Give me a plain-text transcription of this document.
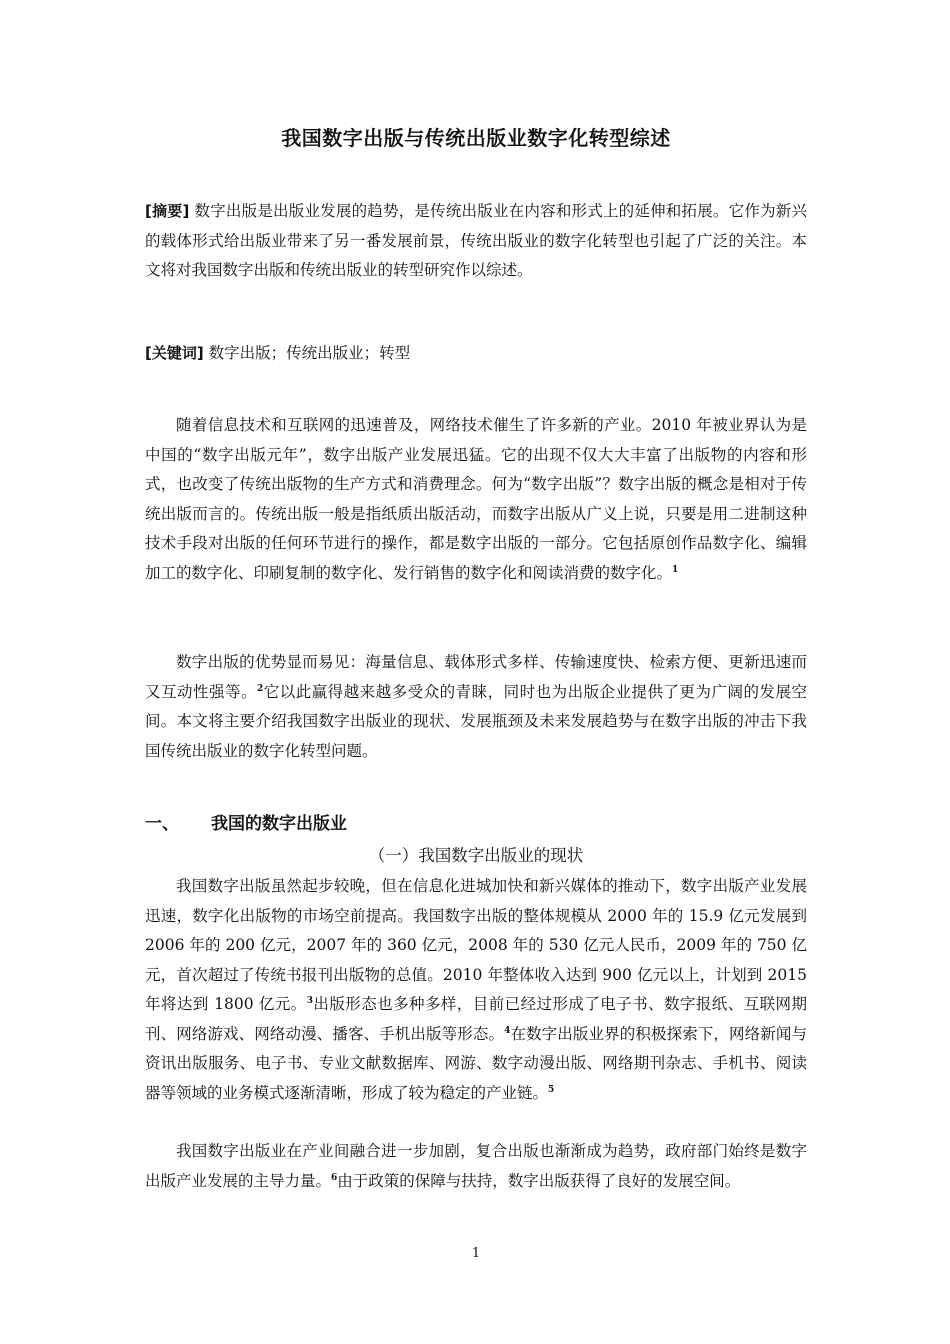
我国数字出版与传统出版业数字化转型综述
[摘要] 数字出版是出版业发展的趋势，是传统出版业在内容和形式上的延伸和拓展。它作为新兴的载体形式给出版业带来了另一番发展前景，传统出版业的数字化转型也引起了广泛的关注。本文将对我国数字出版和传统出版业的转型研究作以综述。
[关键词] 数字出版；传统出版业；转型
随着信息技术和互联网的迅速普及，网络技术催生了许多新的产业。2010 年被业界认为是中国的“数字出版元年”，数字出版产业发展迅猛。它的出现不仅大大丰富了出版物的内容和形式，也改变了传统出版物的生产方式和消费理念。何为“数字出版”？数字出版的概念是相对于传统出版而言的。传统出版一般是指纸质出版活动，而数字出版从广义上说，只要是用二进制这种技术手段对出版的任何环节进行的操作，都是数字出版的一部分。它包括原创作品数字化、编辑加工的数字化、印刷复制的数字化、发行销售的数字化和阅读消费的数字化。$^1$
数字出版的优势显而易见：海量信息、载体形式多样、传输速度快、检索方便、更新迅速而又互动性强等。$^2$它以此赢得越来越多受众的青睐，同时也为出版企业提供了更为广阔的发展空间。本文将主要介绍我国数字出版业的现状、发展瓶颈及未来发展趋势与在数字出版的冲击下我国传统出版业的数字化转型问题。
一、 我国的数字出版业
（一）我国数字出版业的现状
我国数字出版虽然起步较晚，但在信息化进城加快和新兴媒体的推动下，数字出版产业发展迅速，数字化出版物的市场空前提高。我国数字出版的整体规模从 2000 年的 15.9 亿元发展到 2006 年的 200 亿元，2007 年的 360 亿元，2008 年的 530 亿元人民币，2009 年的 750 亿元，首次超过了传统书报刊出版物的总值。2010 年整体收入达到 900 亿元以上，计划到 2015 年将达到 1800 亿元。$^3$出版形态也多种多样，目前已经过形成了电子书、数字报纸、互联网期刊、网络游戏、网络动漫、播客、手机出版等形态。$^4$在数字出版业界的积极探索下，网络新闻与资讯出版服务、电子书、专业文献数据库、网游、数字动漫出版、网络期刊杂志、手机书、阅读器等领域的业务模式逐渐清晰，形成了较为稳定的产业链。$^5$
我国数字出版业在产业间融合进一步加剧，复合出版也渐渐成为趋势，政府部门始终是数字出版产业发展的主导力量。$^6$由于政策的保障与扶持，数字出版获得了良好的发展空间。
1
